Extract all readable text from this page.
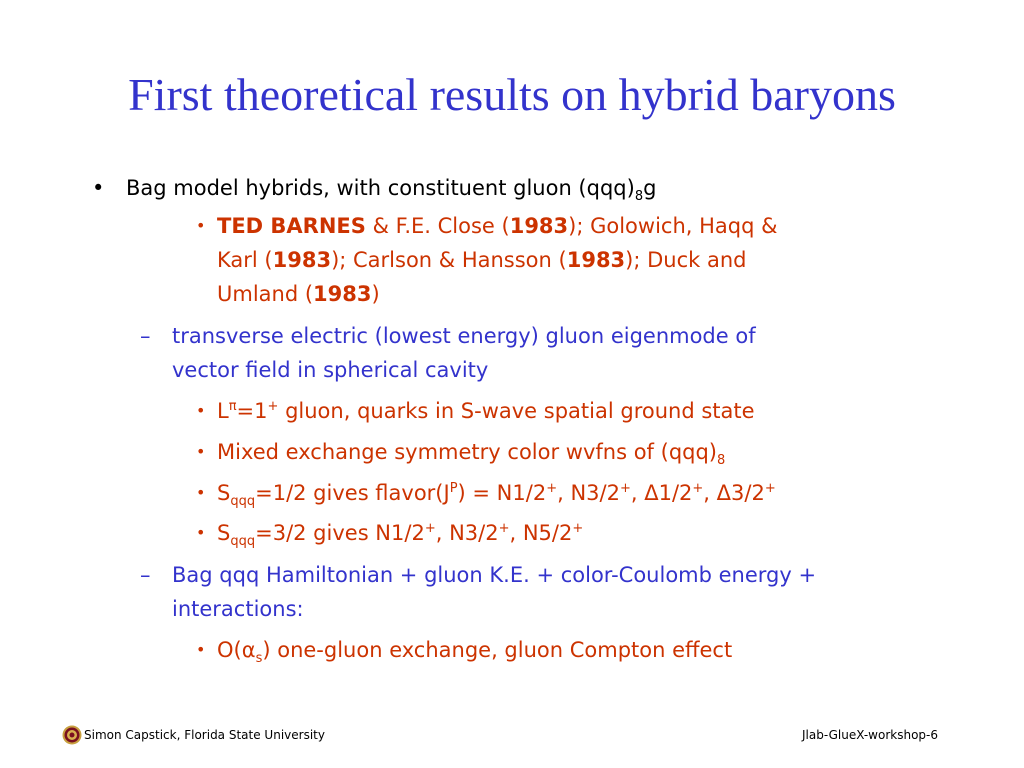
First theoretical results on hybrid baryons
• Bag model hybrids, with constituent gluon $(qqq)_8g$
• TED BARNES & F.E. Close (1983); Golowich, Haqq &
Karl (1983); Carlson & Hansson (1983); Duck and
Umland (1983)
– transverse electric (lowest energy) gluon eigenmode of
vector field in spherical cavity
• $L^\pi=1^+$ gluon, quarks in S-wave spatial ground state
• Mixed exchange symmetry color wvfns of $(qqq)_8$
• $S_{qqq}=1/2$ gives $flavor(J^P) = N1/2^+$, N3/2+, Δ1/2+, Δ3/2+
• $S_{qqq}=3/2$ gives N1/2+, N3/2+, N5/2+
– Bag qqq Hamiltonian + gluon K.E. + color-Coulomb energy +
interactions:
• $O(\alpha_s)$ one-gluon exchange, gluon Compton effect
Simon Capstick, Florida State University	Jlab-GlueX-workshop-6
